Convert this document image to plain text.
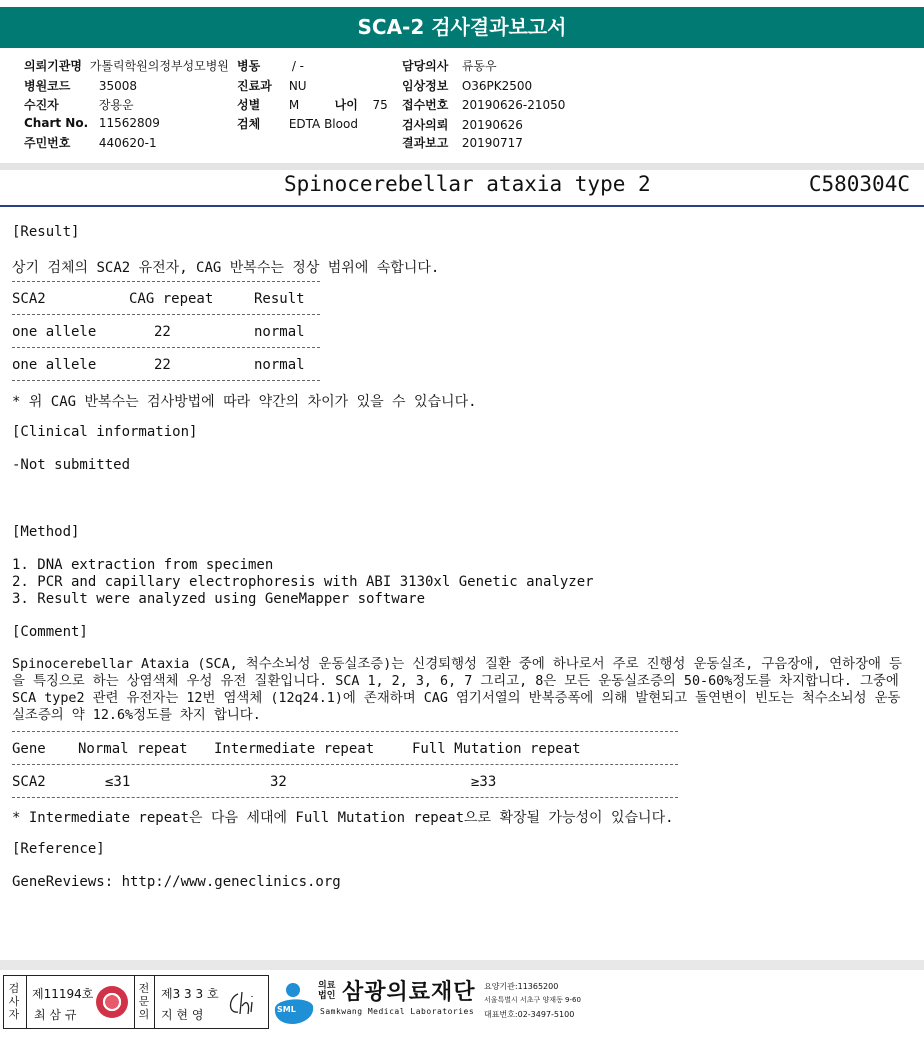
SCA-2 검사결과보고서
의뢰기관명 가톨릭학원의정부성모병원
병원코드 35008
수진자	장용운
Chart No. 11562809
주민번호 440620-1
병동	/ -
진료과 NU
성별 M	나이 75
검체 EDTA Blood
담당의사 류동우
임상정보 O36PK2500
접수번호 20190626-21050
검사의뢰 20190626
결과보고 20190717
Spinocerebellar ataxia type 2	C580304C
[Result]
상기 검체의 SCA2 유전자, CAG 반복수는 정상 범위에 속합니다.
SCA2	CAG repeat	Result
one allele	22	normal
one allele	22	normal
* 위 CAG 반복수는 검사방법에 따라 약간의 차이가 있을 수 있습니다.
[Clinical information]
-Not submitted
[Method]
1. DNA extraction from specimen
2. PCR and capillary electrophoresis with ABI 3130xl Genetic analyzer
3. Result were analyzed using GeneMapper software
[Comment]
Spinocerebellar Ataxia (SCA, 척수소뇌성 운동실조증)는 신경퇴행성 질환 중에 하나로서 주로 진행성 운동실조, 구음장애, 연하장애 등을 특징으로 하는 상염색체 우성 유전 질환입니다. SCA 1, 2, 3, 6, 7 그리고, 8은 모든 운동실조증의 50-60%정도를 차지합니다. 그중에 SCA type2 관련 유전자는 12번 염색체 (12q24.1)에 존재하며 CAG 염기서열의 반복증폭에 의해 발현되고 돌연변이 빈도는 척수소뇌성 운동실조증의 약 12.6%정도를 차지 합니다.
Gene Normal repeat Intermediate repeat	Full Mutation repeat
SCA2	≤31	32	≥33
* Intermediate repeat은 다음 세대에 Full Mutation repeat으로 확장될 가능성이 있습니다.
[Reference]
GeneReviews: http://www.geneclinics.org
검사자
제11194호
최 삼 규
전문의
제3 3 3 호
지 현 영	SML
의료법인 삼광의료재단
Samkwang Medical Laboratories
요양기관:11365200
서울특별시 서초구 양재동 9-60
대표번호:02-3497-5100
